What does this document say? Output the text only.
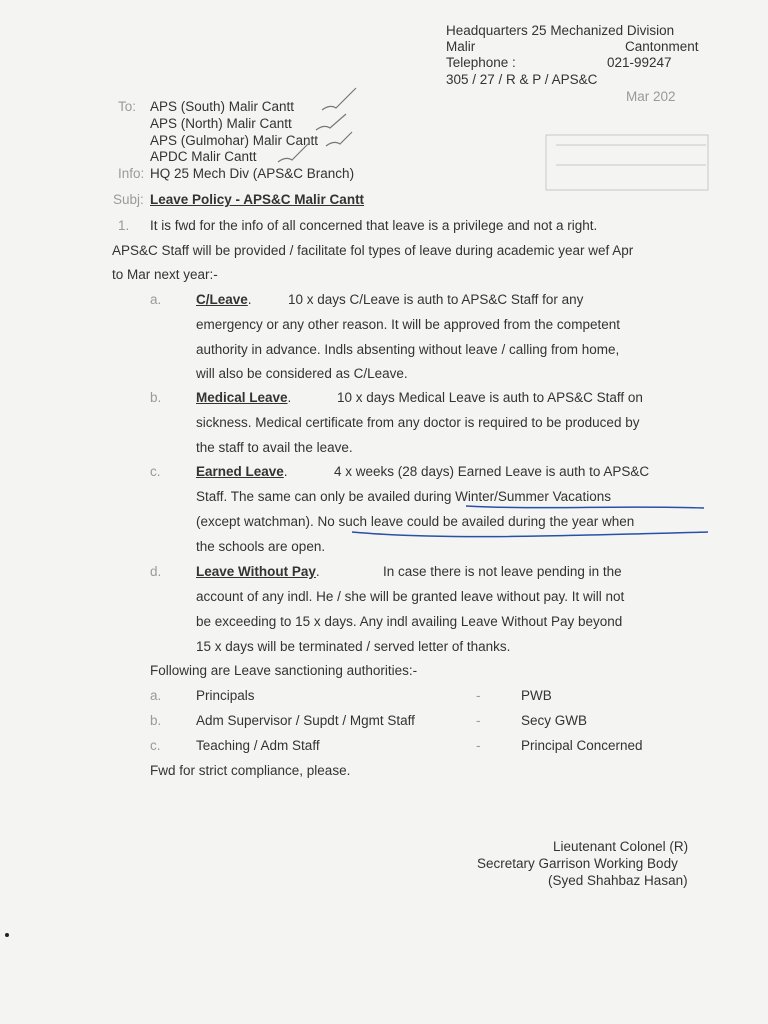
Headquarters 25 Mechanized Division
Malir	Cantonment
Telephone :	021-99247
305 / 27 / R & P / APS&C
Mar 202
To: APS (South) Malir Cantt
APS (North) Malir Cantt
APS (Gulmohar) Malir Cantt
APDC Malir Cantt
Info: HQ 25 Mech Div (APS&C Branch)
Subj: Leave Policy - APS&C Malir Cantt
1. It is fwd for the info of all concerned that leave is a privilege and not a right.
APS&C Staff will be provided / facilitate fol types of leave during academic year wef Apr
to Mar next year:-
a.	C/Leave.	10 x days C/Leave is auth to APS&C Staff for any
emergency or any other reason. It will be approved from the competent
authority in advance. Indls absenting without leave / calling from home,
will also be considered as C/Leave.
b.	Medical Leave.	10 x days Medical Leave is auth to APS&C Staff on
sickness. Medical certificate from any doctor is required to be produced by
the staff to avail the leave.
c.	Earned Leave.	4 x weeks (28 days) Earned Leave is auth to APS&C
Staff. The same can only be availed during Winter/Summer Vacations
(except watchman). No such leave could be availed during the year when
the schools are open.
d.	Leave Without Pay.	In case there is not leave pending in the
account of any indl. He / she will be granted leave without pay. It will not
be exceeding to 15 x days. Any indl availing Leave Without Pay beyond
15 x days will be terminated / served letter of thanks.
Following are Leave sanctioning authorities:-
a.	Principals	-	PWB
b.	Adm Supervisor / Supdt / Mgmt Staff	-	Secy GWB
c.	Teaching / Adm Staff	-	Principal Concerned
Fwd for strict compliance, please.
Lieutenant Colonel (R)
Secretary Garrison Working Body
(Syed Shahbaz Hasan)
